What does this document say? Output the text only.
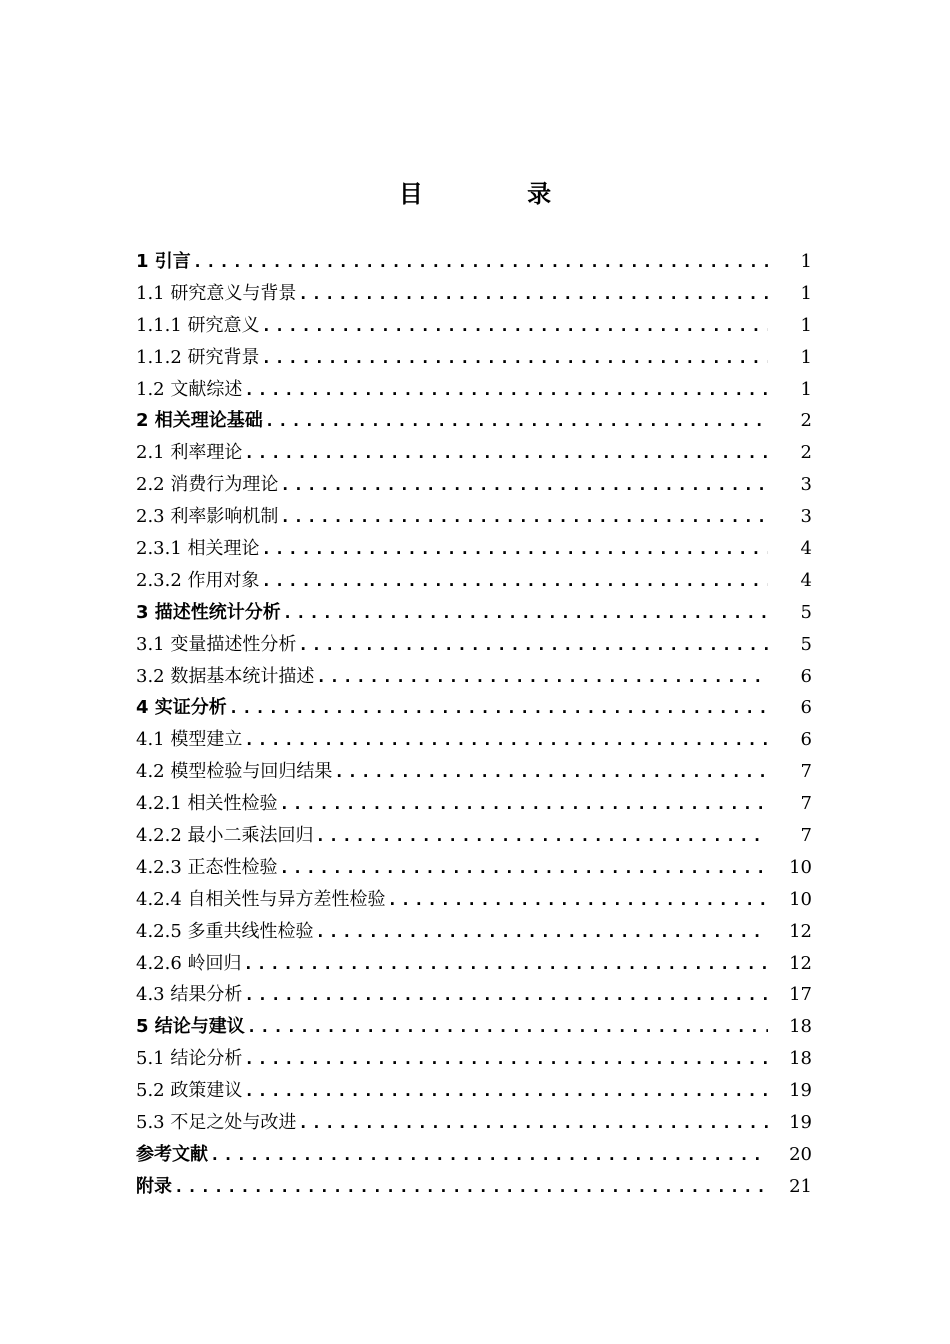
目 录
1 引言 .....	1
1.1 研究意义与背景 .....	1
1.1.1 研究意义 .....	1
1.1.2 研究背景 .....	1
1.2 文献综述 .....	1
2 相关理论基础 .....	2
2.1 利率理论 .....	2
2.2 消费行为理论 .....	3
2.3 利率影响机制 .....	3
2.3.1 相关理论 .....	4
2.3.2 作用对象 .....	4
3 描述性统计分析 .....	5
3.1 变量描述性分析 .....	5
3.2 数据基本统计描述 .....	6
4 实证分析 .....	6
4.1 模型建立 .....	6
4.2 模型检验与回归结果 .....	7
4.2.1 相关性检验 .....	7
4.2.2 最小二乘法回归 .....	7
4.2.3 正态性检验 .....	10
4.2.4 自相关性与异方差性检验 .....	10
4.2.5 多重共线性检验 .....	12
4.2.6 岭回归 .....	12
4.3 结果分析 .....	17
5 结论与建议 .....	18
5.1 结论分析 .....	18
5.2 政策建议 .....	19
5.3 不足之处与改进 .....	19
参考文献 .....	20
附录 .....	21
